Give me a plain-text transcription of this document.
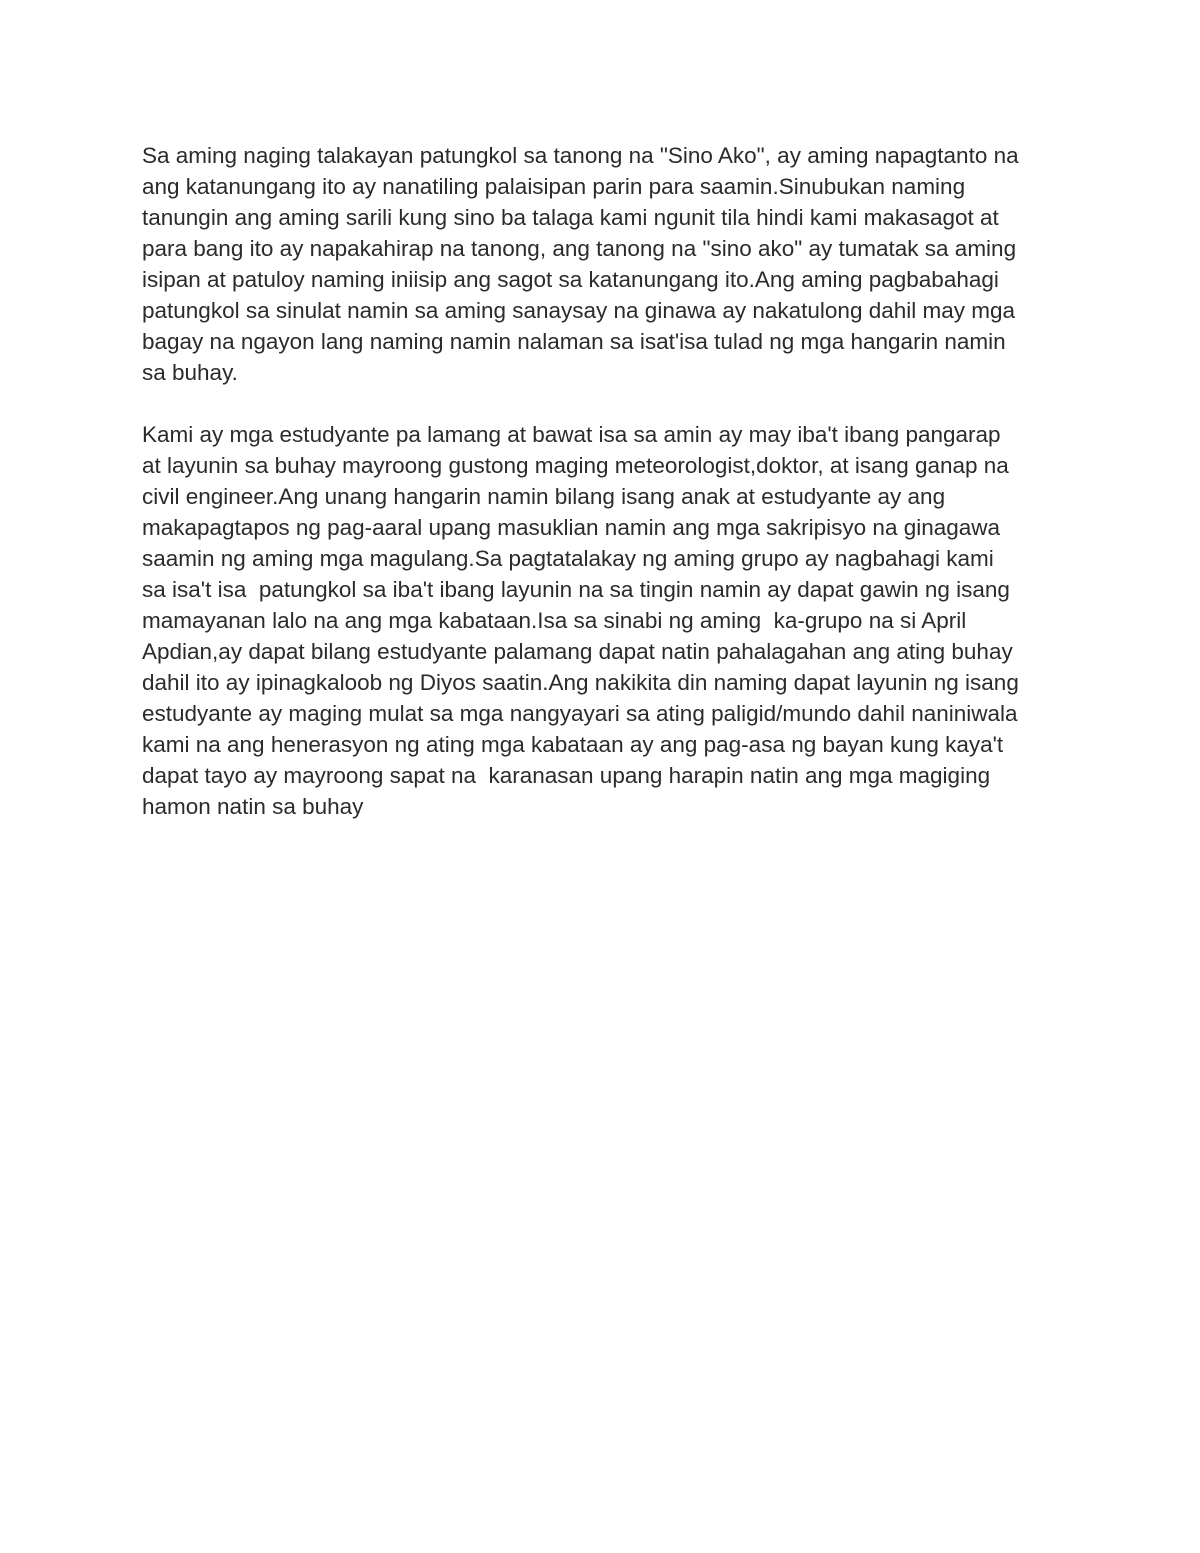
Sa aming naging talakayan patungkol sa tanong na "Sino Ako", ay aming napagtanto na
ang katanungang ito ay nanatiling palaisipan parin para saamin.Sinubukan naming
tanungin ang aming sarili kung sino ba talaga kami ngunit tila hindi kami makasagot at
para bang ito ay napakahirap na tanong, ang tanong na "sino ako" ay tumatak sa aming
isipan at patuloy naming iniisip ang sagot sa katanungang ito.Ang aming pagbabahagi
patungkol sa sinulat namin sa aming sanaysay na ginawa ay nakatulong dahil may mga
bagay na ngayon lang naming namin nalaman sa isat'isa tulad ng mga hangarin namin
sa buhay.
Kami ay mga estudyante pa lamang at bawat isa sa amin ay may iba't ibang pangarap
at layunin sa buhay mayroong gustong maging meteorologist,doktor, at isang ganap na
civil engineer.Ang unang hangarin namin bilang isang anak at estudyante ay ang
makapagtapos ng pag-aaral upang masuklian namin ang mga sakripisyo na ginagawa
saamin ng aming mga magulang.Sa pagtatalakay ng aming grupo ay nagbahagi kami
sa isa't isa  patungkol sa iba't ibang layunin na sa tingin namin ay dapat gawin ng isang
mamayanan lalo na ang mga kabataan.Isa sa sinabi ng aming  ka-grupo na si April
Apdian,ay dapat bilang estudyante palamang dapat natin pahalagahan ang ating buhay
dahil ito ay ipinagkaloob ng Diyos saatin.Ang nakikita din naming dapat layunin ng isang
estudyante ay maging mulat sa mga nangyayari sa ating paligid/mundo dahil naniniwala
kami na ang henerasyon ng ating mga kabataan ay ang pag-asa ng bayan kung kaya't
dapat tayo ay mayroong sapat na  karanasan upang harapin natin ang mga magiging
hamon natin sa buhay
